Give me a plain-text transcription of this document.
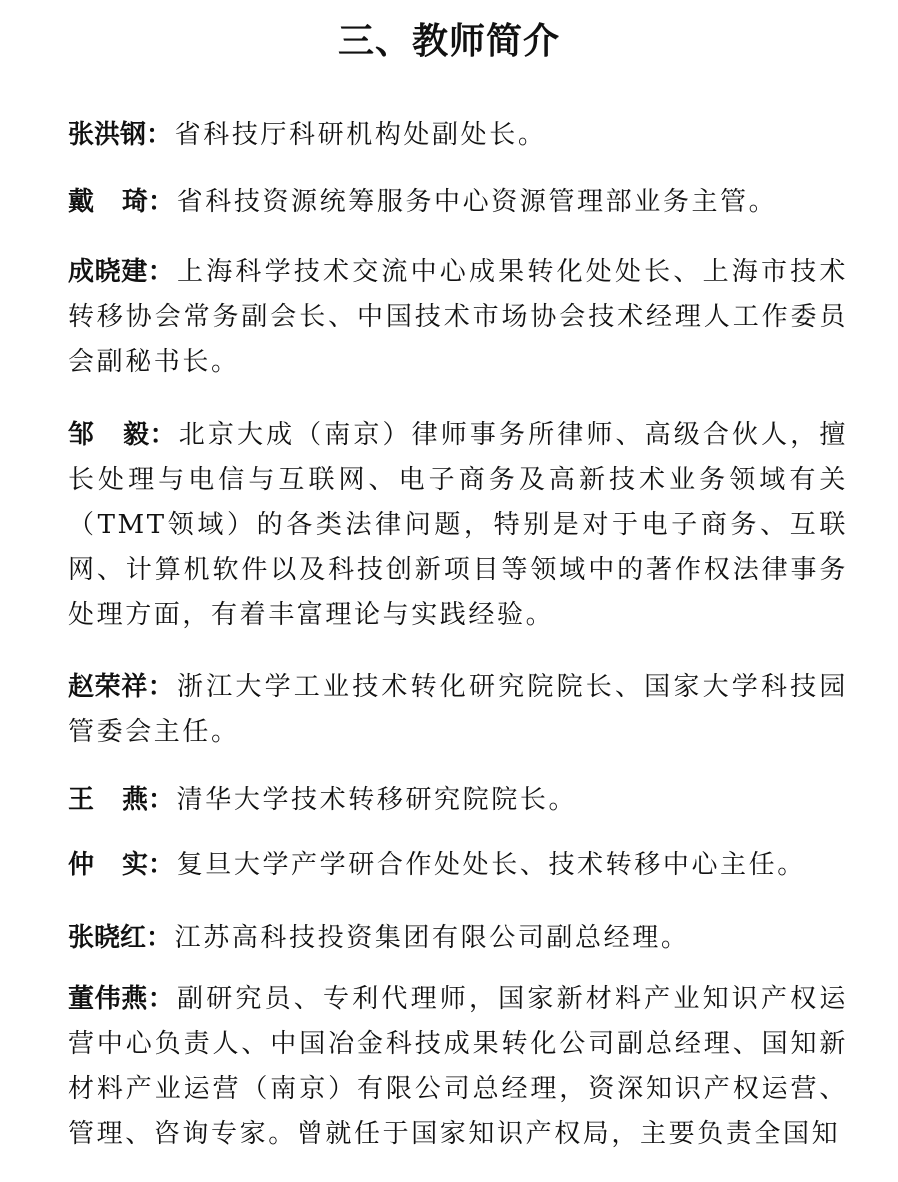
三、教师简介
张洪钢：省科技厅科研机构处副处长。
戴 琦：省科技资源统筹服务中心资源管理部业务主管。
成晓建：上海科学技术交流中心成果转化处处长、上海市技术转移协会常务副会长、中国技术市场协会技术经理人工作委员会副秘书长。
邹 毅：北京大成（南京）律师事务所律师、高级合伙人，擅长处理与电信与互联网、电子商务及高新技术业务领域有关（TMT领域）的各类法律问题，特别是对于电子商务、互联网、计算机软件以及科技创新项目等领域中的著作权法律事务处理方面，有着丰富理论与实践经验。
赵荣祥：浙江大学工业技术转化研究院院长、国家大学科技园管委会主任。
王 燕：清华大学技术转移研究院院长。
仲 实：复旦大学产学研合作处处长、技术转移中心主任。
张晓红：江苏高科技投资集团有限公司副总经理。
董伟燕：副研究员、专利代理师，国家新材料产业知识产权运营中心负责人、中国冶金科技成果转化公司副总经理、国知新材料产业运营（南京）有限公司总经理，资深知识产权运营、管理、咨询专家。曾就任于国家知识产权局，主要负责全国知
